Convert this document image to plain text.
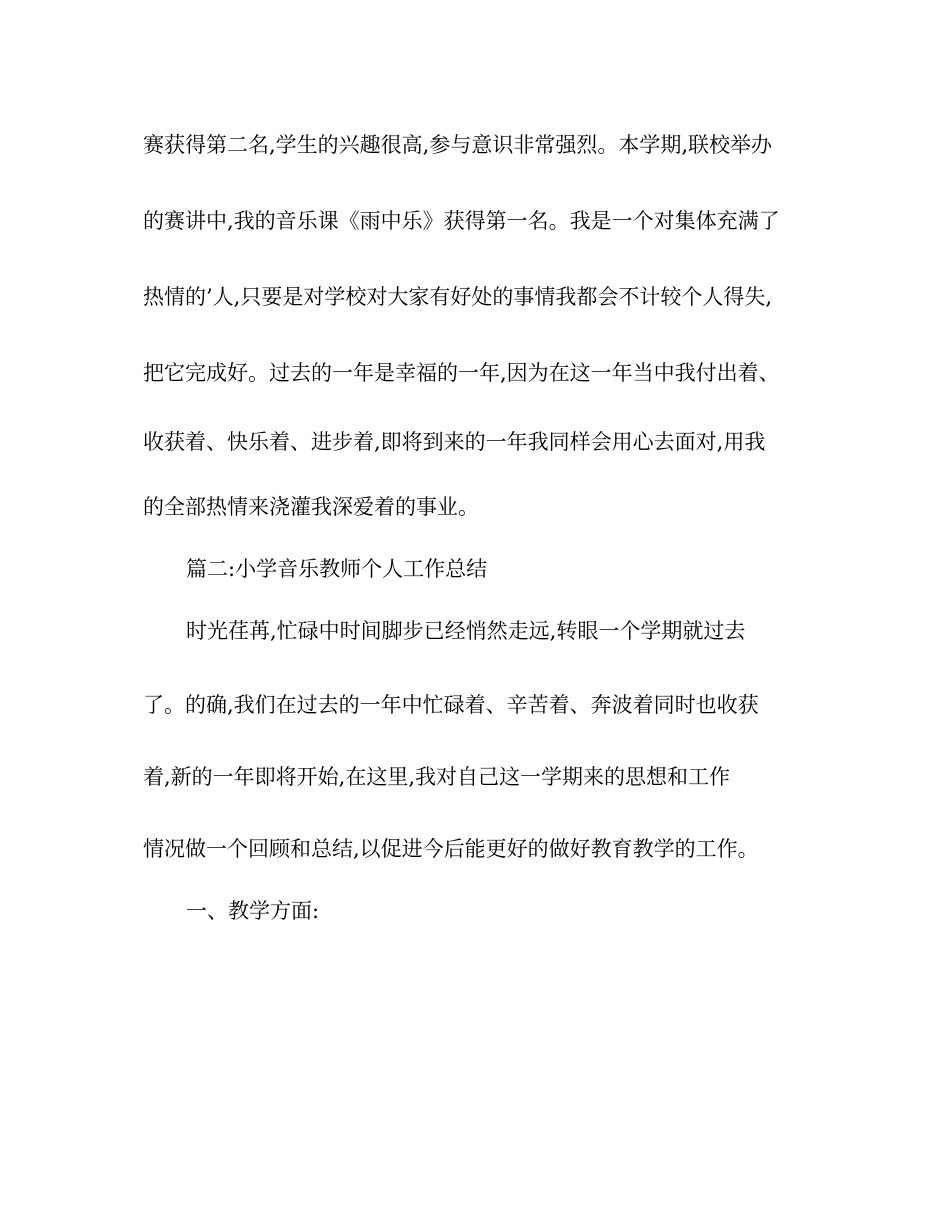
赛获得第二名,学生的兴趣很高,参与意识非常强烈。本学期,联校举办

的赛讲中,我的音乐课《雨中乐》获得第一名。我是一个对集体充满了

热情的’人,只要是对学校对大家有好处的事情我都会不计较个人得失,

把它完成好。过去的一年是幸福的一年,因为在这一年当中我付出着、

收获着、快乐着、进步着,即将到来的一年我同样会用心去面对,用我

的全部热情来浇灌我深爱着的事业。

篇二:小学音乐教师个人工作总结

时光荏苒,忙碌中时间脚步已经悄然走远,转眼一个学期就过去

了。的确,我们在过去的一年中忙碌着、辛苦着、奔波着同时也收获

着,新的一年即将开始,在这里,我对自己这一学期来的思想和工作

情况做一个回顾和总结,以促进今后能更好的做好教育教学的工作。

一、教学方面:
